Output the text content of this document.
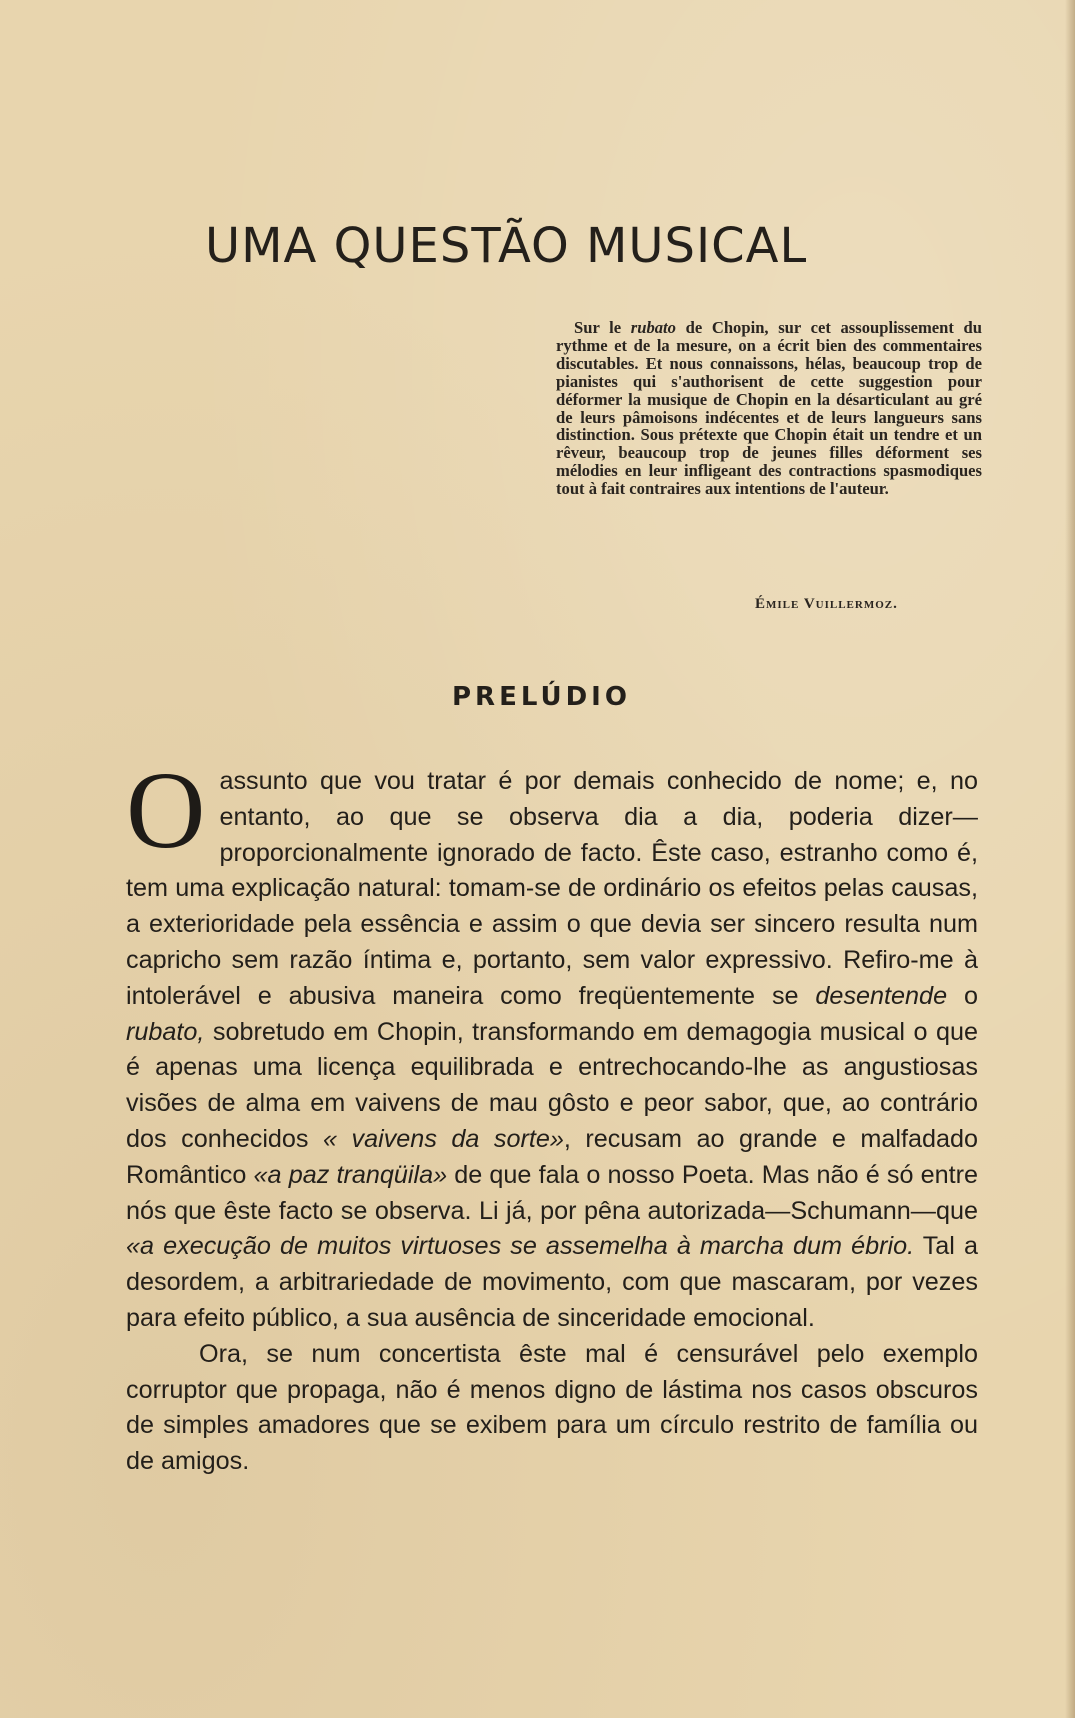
UMA QUESTÃO MUSICAL

Sur le rubato de Chopin, sur cet assouplissement du rythme et de la mesure, on a écrit bien des commentaires discutables. Et nous connaissons, hélas, beaucoup trop de pianistes qui s'authorisent de cette suggestion pour déformer la musique de Chopin en la désarticulant au gré de leurs pâmoisons indécentes et de leurs langueurs sans distinction. Sous prétexte que Chopin était un tendre et un rêveur, beaucoup trop de jeunes filles déforment ses mélodies en leur infligeant des contractions spasmodiques tout à fait contraires aux intentions de l'auteur.

Émile Vuillermoz.

PRELÚDIO

Oassunto que vou tratar é por demais conhecido de nome; e, no entanto, ao que se observa dia a dia, poderia dizer—proporcionalmente ignorado de facto. Êste caso, estranho como é, tem uma explicação natural: tomam-se de ordinário os efeitos pelas causas, a exterioridade pela essência e assim o que devia ser sincero resulta num capricho sem razão íntima e, portanto, sem valor expressivo. Refiro-me à intolerável e abusiva maneira como freqüentemente se desentende o rubato, sobretudo em Chopin, transformando em demagogia musical o que é apenas uma licença equilibrada e entrechocando-lhe as angustiosas visões de alma em vaivens de mau gôsto e peor sabor, que, ao contrário dos conhecidos « vaivens da sorte», recusam ao grande e malfadado Romântico «a paz tranqüila» de que fala o nosso Poeta. Mas não é só entre nós que êste facto se observa. Li já, por pêna autorizada—Schumann—que «a execução de muitos virtuoses se assemelha à marcha dum ébrio. Tal a desordem, a arbitrariedade de movimento, com que mascaram, por vezes para efeito público, a sua ausência de sinceridade emocional.

Ora, se num concertista êste mal é censurável pelo exemplo corruptor que propaga, não é menos digno de lástima nos casos obscuros de simples amadores que se exibem para um círculo restrito de família ou de amigos.
